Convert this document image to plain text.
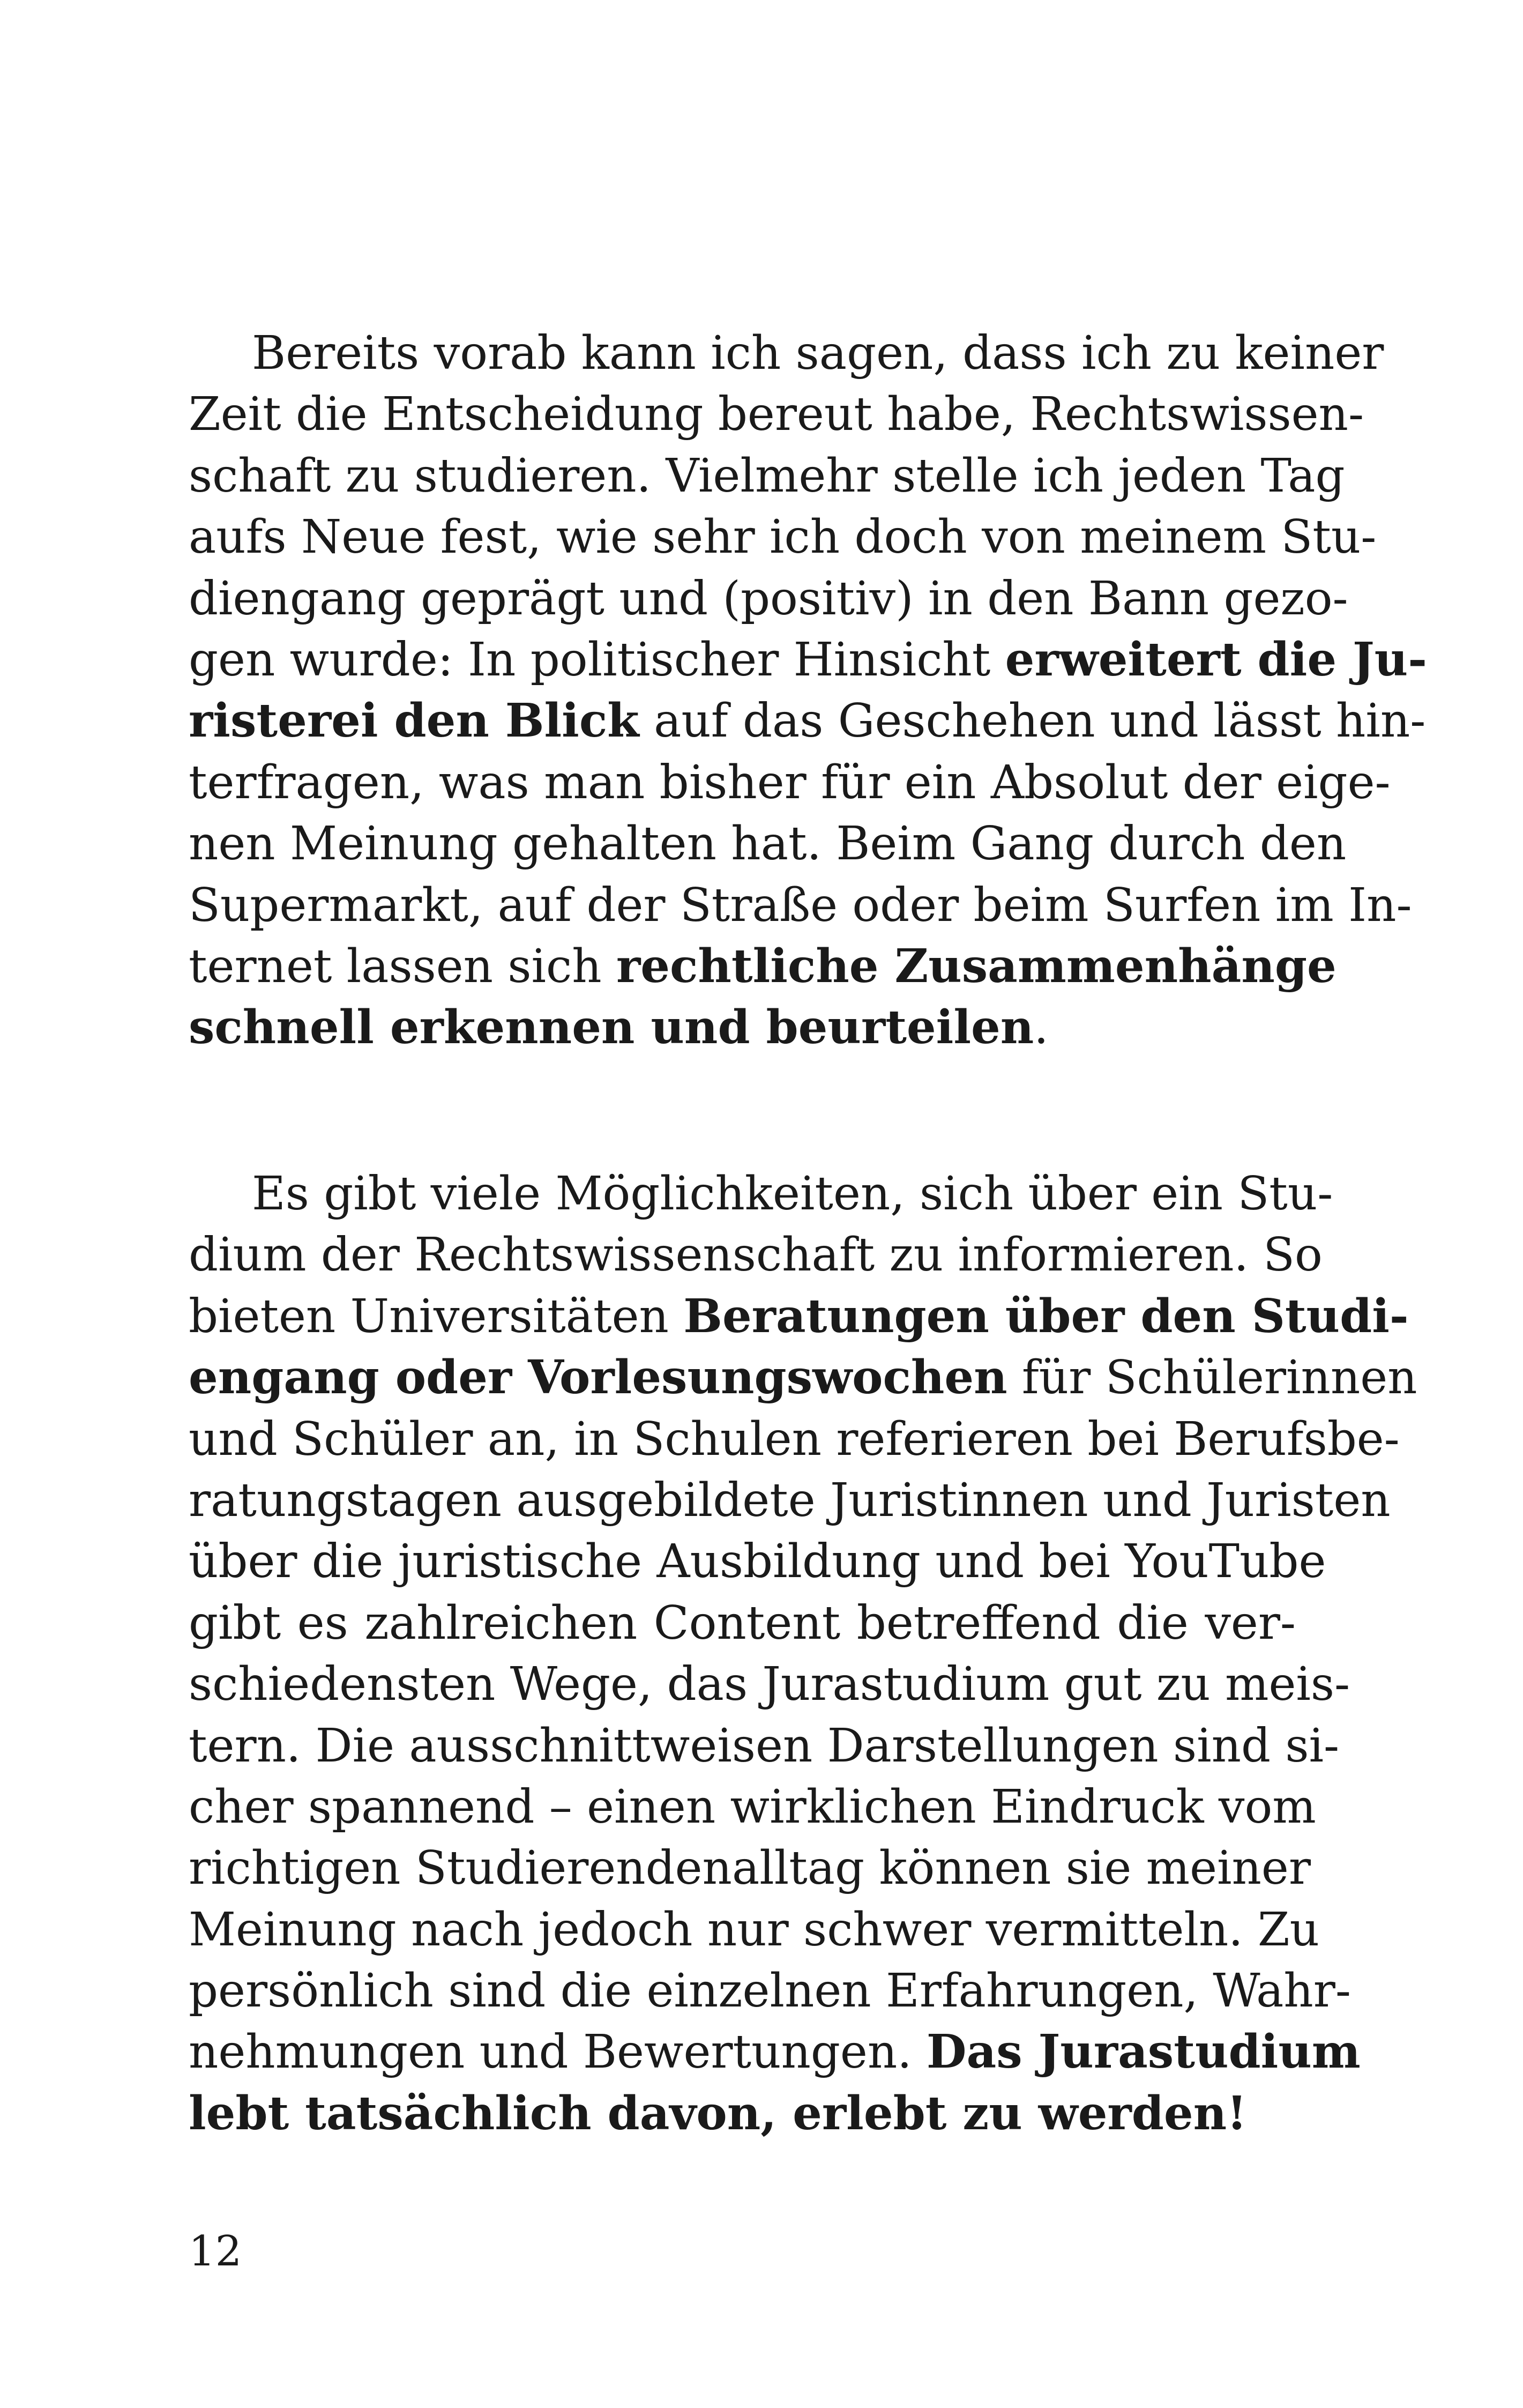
Bereits vorab kann ich sagen, dass ich zu keiner
Zeit die Entscheidung bereut habe, Rechtswissen-
schaft zu studieren. Vielmehr stelle ich jeden Tag
aufs Neue fest, wie sehr ich doch von meinem Stu-
diengang geprägt und (positiv) in den Bann gezo-
gen wurde: In politischer Hinsicht erweitert die Ju-
risterei den Blick auf das Geschehen und lässt hin-
terfragen, was man bisher für ein Absolut der eige-
nen Meinung gehalten hat. Beim Gang durch den
Supermarkt, auf der Straße oder beim Surfen im In-
ternet lassen sich rechtliche Zusammenhänge
schnell erkennen und beurteilen.
Es gibt viele Möglichkeiten, sich über ein Stu-
dium der Rechtswissenschaft zu informieren. So
bieten Universitäten Beratungen über den Studi-
engang oder Vorlesungswochen für Schülerinnen
und Schüler an, in Schulen referieren bei Berufsbe-
ratungstagen ausgebildete Juristinnen und Juristen
über die juristische Ausbildung und bei YouTube
gibt es zahlreichen Content betreffend die ver-
schiedensten Wege, das Jurastudium gut zu meis-
tern. Die ausschnittweisen Darstellungen sind si-
cher spannend – einen wirklichen Eindruck vom
richtigen Studierendenalltag können sie meiner
Meinung nach jedoch nur schwer vermitteln. Zu
persönlich sind die einzelnen Erfahrungen, Wahr-
nehmungen und Bewertungen. Das Jurastudium
lebt tatsächlich davon, erlebt zu werden!
12
